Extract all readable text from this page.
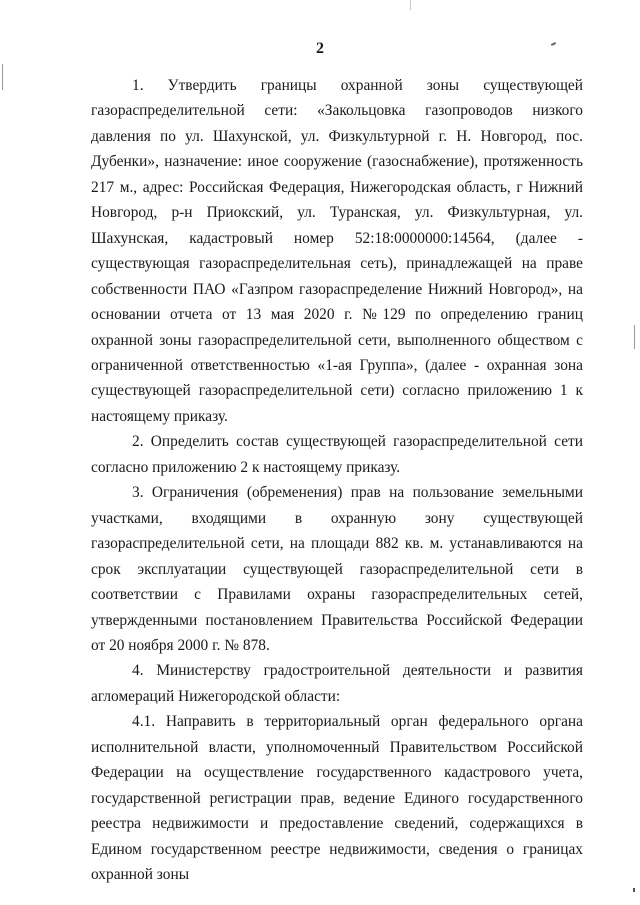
2

1. Утвердить границы охранной зоны существующей газораспределительной сети: «Закольцовка газопроводов низкого давления по ул. Шахунской, ул. Физкультурной г. Н. Новгород, пос. Дубенки», назначение: иное сооружение (газоснабжение), протяженность 217 м., адрес: Российская Федерация, Нижегородская область, г Нижний Новгород, р-н Приокский, ул. Туранская, ул. Физкультурная, ул. Шахунская, кадастровый номер 52:18:0000000:14564, (далее - существующая газораспределительная сеть), принадлежащей на праве собственности ПАО «Газпром газораспределение Нижний Новгород», на основании отчета от 13 мая 2020 г. №129 по определению границ охранной зоны газораспределительной сети, выполненного обществом с ограниченной ответственностью «1-ая Группа», (далее - охранная зона существующей газораспределительной сети) согласно приложению 1 к настоящему приказу.

2. Определить состав существующей газораспределительной сети согласно приложению 2 к настоящему приказу.

3. Ограничения (обременения) прав на пользование земельными участками, входящими в охранную зону существующей газораспределительной сети, на площади 882 кв. м. устанавливаются на срок эксплуатации существующей газораспределительной сети в соответствии с Правилами охраны газораспределительных сетей, утвержденными постановлением Правительства Российской Федерации от 20 ноября 2000 г. № 878.

4. Министерству градостроительной деятельности и развития агломераций Нижегородской области:

4.1. Направить в территориальный орган федерального органа исполнительной власти, уполномоченный Правительством Российской Федерации на осуществление государственного кадастрового учета, государственной регистрации прав, ведение Единого государственного реестра недвижимости и предоставление сведений, содержащихся в Едином государственном реестре недвижимости, сведения о границах охранной зоны
